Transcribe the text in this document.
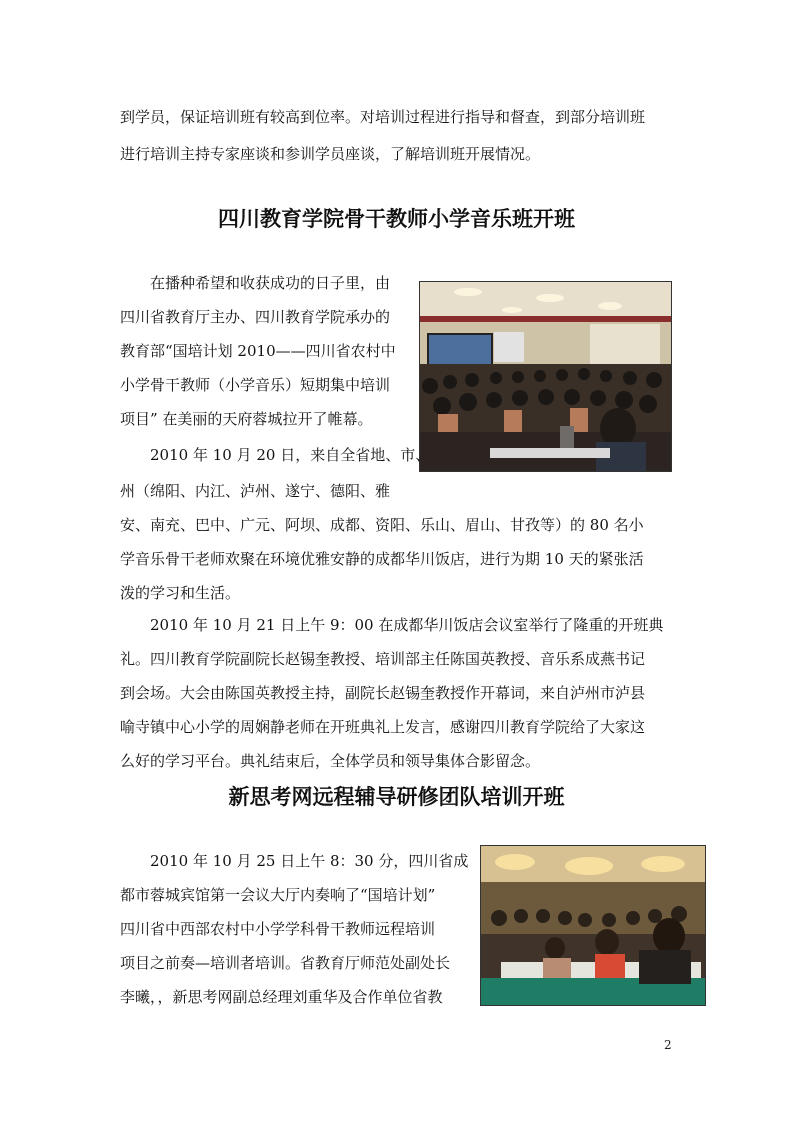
到学员，保证培训班有较高到位率。对培训过程进行指导和督查，到部分培训班
进行培训主持专家座谈和参训学员座谈，了解培训班开展情况。
四川教育学院骨干教师小学音乐班开班
在播种希望和收获成功的日子里，由
四川省教育厅主办、四川教育学院承办的
教育部“国培计划 2010——四川省农村中
小学骨干教师（小学音乐）短期集中培训
项目” 在美丽的天府蓉城拉开了帷幕。
2010 年 10 月 20 日，来自全省地、市、
州（绵阳、内江、泸州、遂宁、德阳、雅
安、南充、巴中、广元、阿坝、成都、资阳、乐山、眉山、甘孜等）的 80 名小
学音乐骨干老师欢聚在环境优雅安静的成都华川饭店，进行为期 10 天的紧张活
泼的学习和生活。
2010 年 10 月 21 日上午 9：00 在成都华川饭店会议室举行了隆重的开班典
礼。四川教育学院副院长赵锡奎教授、培训部主任陈国英教授、音乐系成燕书记
到会场。大会由陈国英教授主持，副院长赵锡奎教授作开幕词，来自泸州市泸县
喻寺镇中心小学的周娴静老师在开班典礼上发言，感谢四川教育学院给了大家这
么好的学习平台。典礼结束后，全体学员和领导集体合影留念。
新思考网远程辅导研修团队培训开班
2010 年 10 月 25 日上午 8：30 分，四川省成
都市蓉城宾馆第一会议大厅内奏响了“国培计划”
四川省中西部农村中小学学科骨干教师远程培训
项目之前奏—培训者培训。省教育厅师范处副处长
李曦，，新思考网副总经理刘重华及合作单位省教
2
